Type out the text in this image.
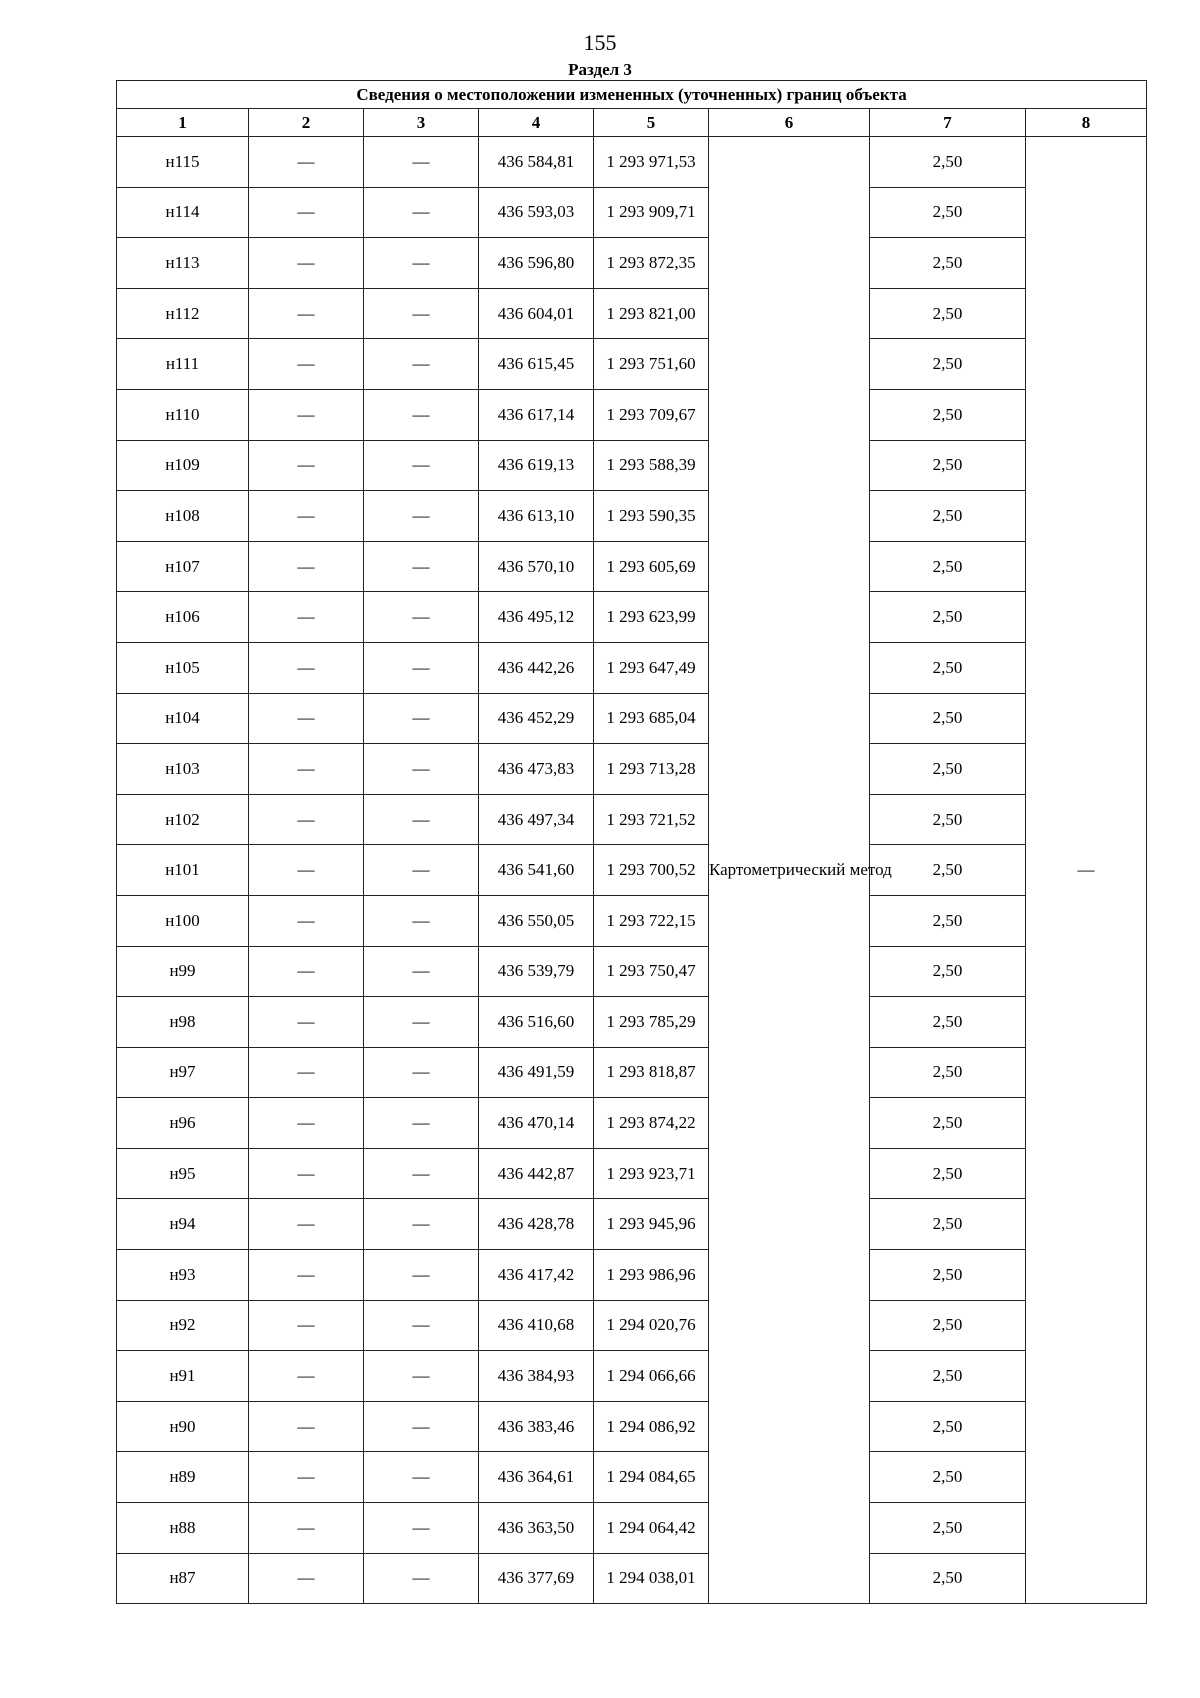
155
Раздел 3
Сведения о местоположении измененных (уточненных) границ объекта							
1	2	3	4	5	6	7	8
н115	—	—	436 584,81	1 293 971,53	Картометрический метод	2,50	—
н114	—	—	436 593,03	1 293 909,71		2,50	
н113	—	—	436 596,80	1 293 872,35		2,50	
н112	—	—	436 604,01	1 293 821,00		2,50	
н111	—	—	436 615,45	1 293 751,60		2,50	
н110	—	—	436 617,14	1 293 709,67		2,50	
н109	—	—	436 619,13	1 293 588,39		2,50	
н108	—	—	436 613,10	1 293 590,35		2,50	
н107	—	—	436 570,10	1 293 605,69		2,50	
н106	—	—	436 495,12	1 293 623,99		2,50	
н105	—	—	436 442,26	1 293 647,49		2,50	
н104	—	—	436 452,29	1 293 685,04		2,50	
н103	—	—	436 473,83	1 293 713,28		2,50	
н102	—	—	436 497,34	1 293 721,52		2,50	
н101	—	—	436 541,60	1 293 700,52		2,50	
н100	—	—	436 550,05	1 293 722,15		2,50	
н99	—	—	436 539,79	1 293 750,47		2,50	
н98	—	—	436 516,60	1 293 785,29		2,50	
н97	—	—	436 491,59	1 293 818,87		2,50	
н96	—	—	436 470,14	1 293 874,22		2,50	
н95	—	—	436 442,87	1 293 923,71		2,50	
н94	—	—	436 428,78	1 293 945,96		2,50	
н93	—	—	436 417,42	1 293 986,96		2,50	
н92	—	—	436 410,68	1 294 020,76		2,50	
н91	—	—	436 384,93	1 294 066,66		2,50	
н90	—	—	436 383,46	1 294 086,92		2,50	
н89	—	—	436 364,61	1 294 084,65		2,50	
н88	—	—	436 363,50	1 294 064,42		2,50	
н87	—	—	436 377,69	1 294 038,01		2,50	
